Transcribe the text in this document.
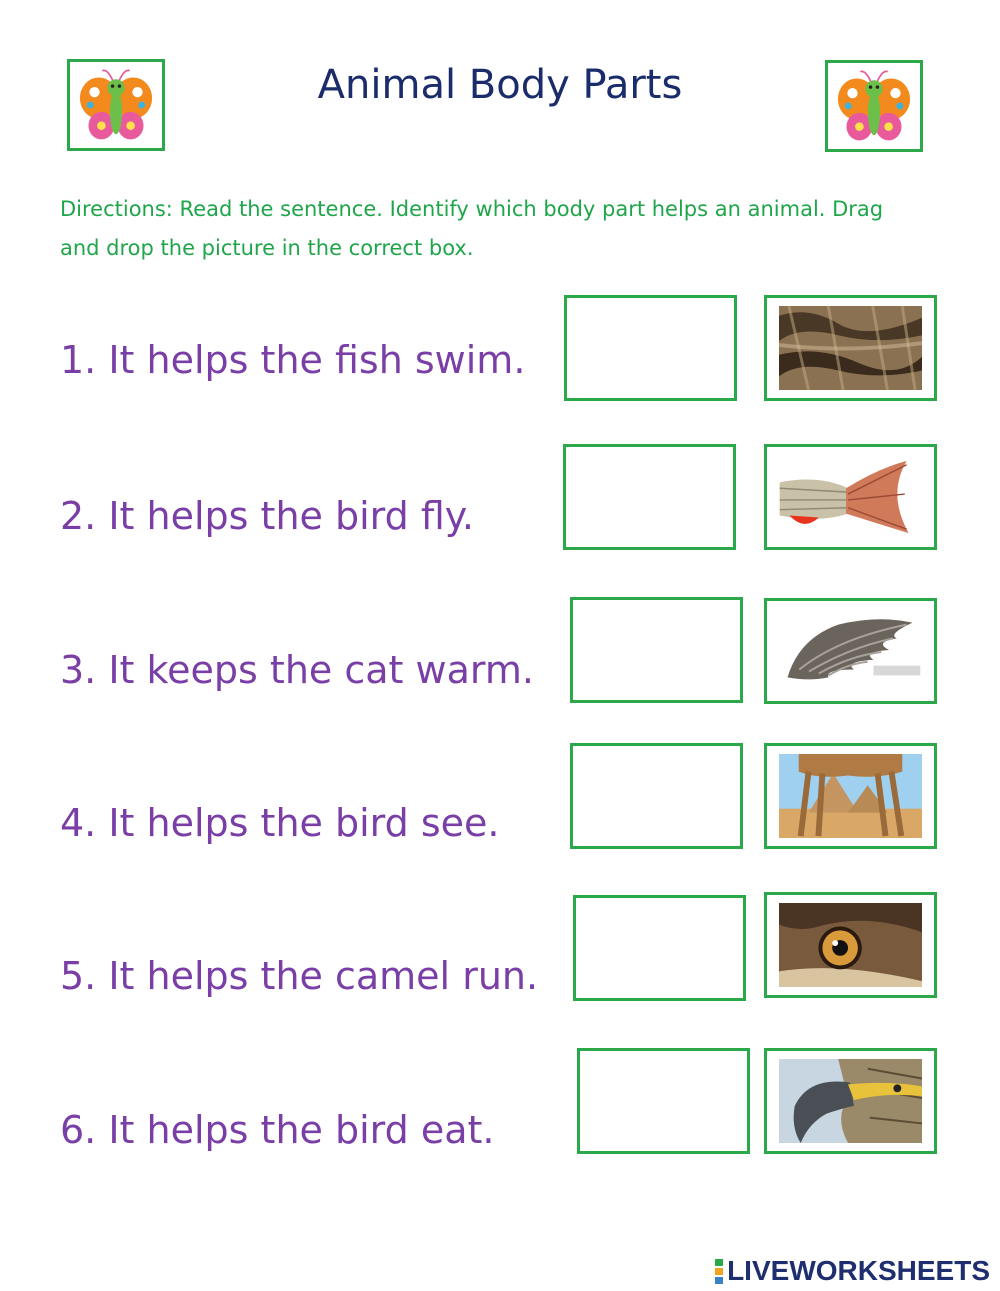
Animal Body Parts
Directions: Read the sentence. Identify which body part helps an animal. Drag and drop the picture in the correct box.
1. It helps the fish swim.
2. It helps the bird fly.
3. It keeps the cat warm.
4. It helps the bird see.
5. It helps the camel run.
6. It helps the bird eat.
LIVEWORKSHEETS
